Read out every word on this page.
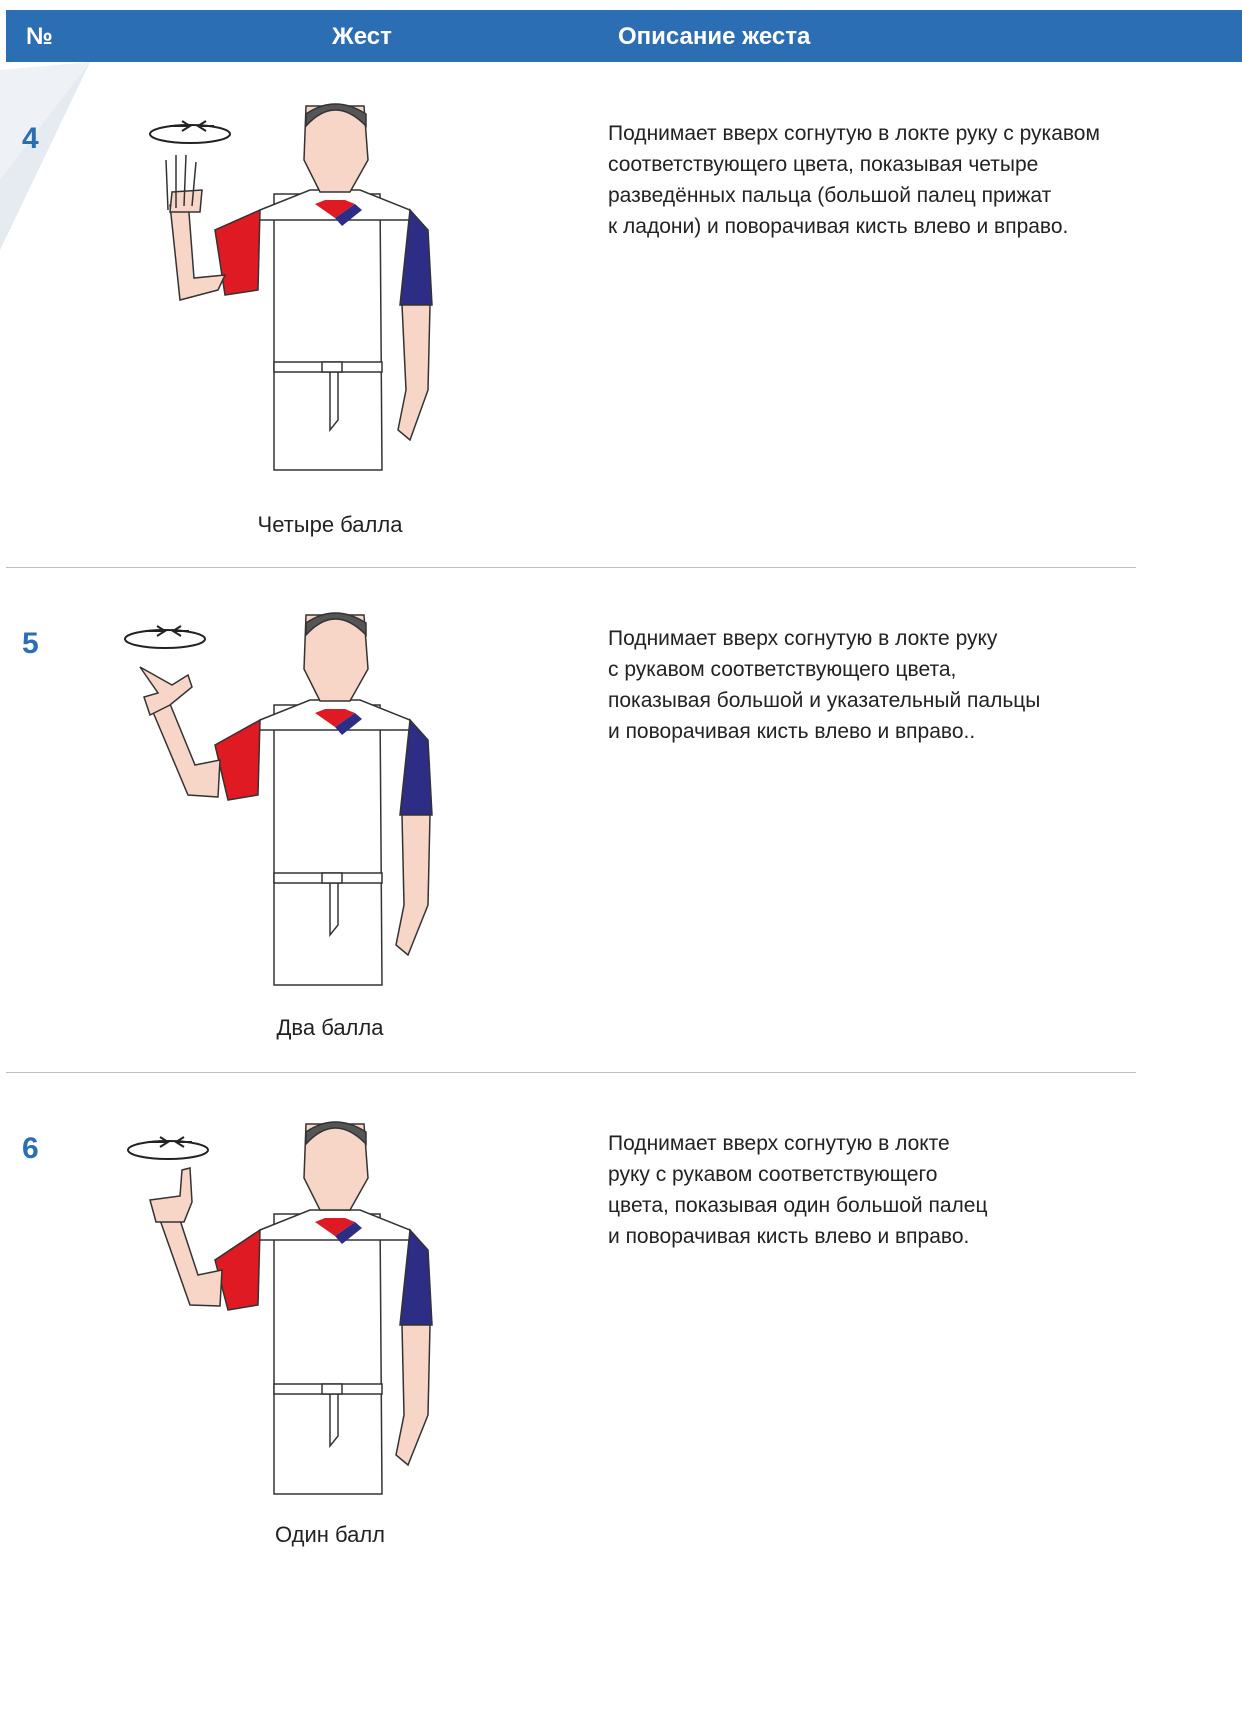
№	Жест	Описание жеста
4
Четыре балла

Поднимает вверх согнутую в локте руку с рукавом
соответствующего цвета, показывая четыре
разведённых пальца (большой палец прижат
к ладони) и поворачивая кисть влево и вправо.

5
Два балла

Поднимает вверх согнутую в локте руку
с рукавом соответствующего цвета,
показывая большой и указательный пальцы
и поворачивая кисть влево и вправо..

6
Один балл

Поднимает вверх согнутую в локте
руку с рукавом соответствующего
цвета, показывая один большой палец
и поворачивая кисть влево и вправо.
